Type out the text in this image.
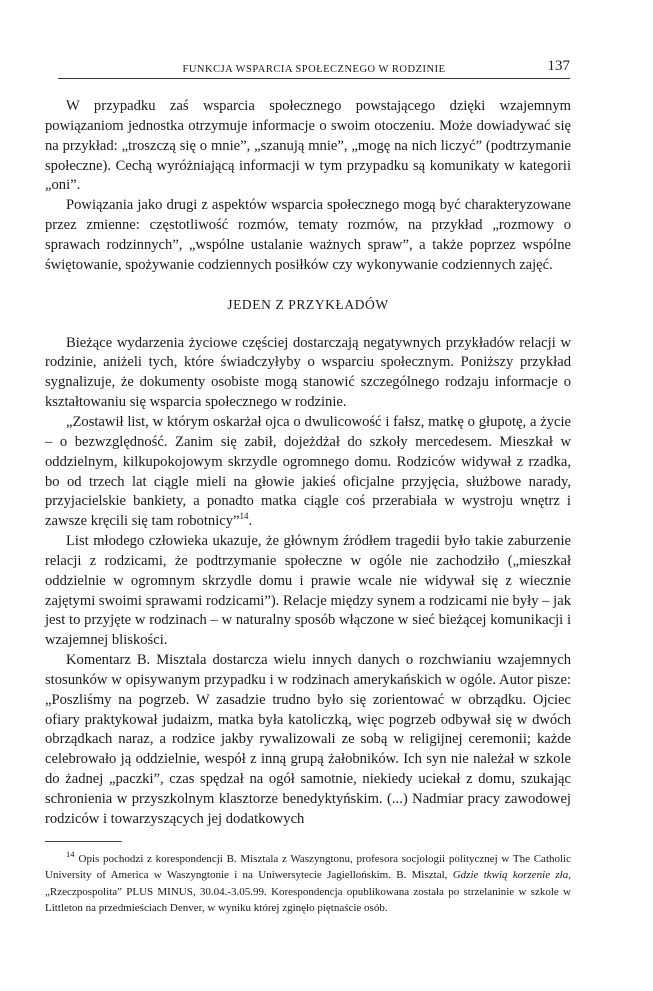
FUNKCJA WSPARCIA SPOŁECZNEGO W RODZINIE	137

W przypadku zaś wsparcia społecznego powstającego dzięki wzajemnym powiązaniom jednostka otrzymuje informacje o swoim otoczeniu. Może dowiadywać się na przykład: „troszczą się o mnie”, „szanują mnie”, „mogę na nich liczyć” (podtrzymanie społeczne). Cechą wyróżniającą informacji w tym przypadku są komunikaty w kategorii „oni”.

Powiązania jako drugi z aspektów wsparcia społecznego mogą być charakteryzowane przez zmienne: częstotliwość rozmów, tematy rozmów, na przykład „rozmowy o sprawach rodzinnych”, „wspólne ustalanie ważnych spraw”, a także poprzez wspólne świętowanie, spożywanie codziennych posiłków czy wykonywanie codziennych zajęć.

JEDEN Z PRZYKŁADÓW

Bieżące wydarzenia życiowe częściej dostarczają negatywnych przykładów relacji w rodzinie, aniżeli tych, które świadczyłyby o wsparciu społecznym. Poniższy przykład sygnalizuje, że dokumenty osobiste mogą stanowić szczególnego rodzaju informacje o kształtowaniu się wsparcia społecznego w rodzinie.

„Zostawił list, w którym oskarżał ojca o dwulicowość i fałsz, matkę o głupotę, a życie – o bezwzględność. Zanim się zabił, dojeżdżał do szkoły mercedesem. Mieszkał w oddzielnym, kilkupokojowym skrzydle ogromnego domu. Rodziców widywał z rzadka, bo od trzech lat ciągle mieli na głowie jakieś oficjalne przyjęcia, służbowe narady, przyjacielskie bankiety, a ponadto matka ciągle coś przerabiała w wystroju wnętrz i zawsze kręcili się tam robotnicy”$^{14}$.

List młodego człowieka ukazuje, że głównym źródłem tragedii było takie zaburzenie relacji z rodzicami, że podtrzymanie społeczne w ogóle nie zachodziło („mieszkał oddzielnie w ogromnym skrzydle domu i prawie wcale nie widywał się z wiecznie zajętymi swoimi sprawami rodzicami”). Relacje między synem a rodzicami nie były – jak jest to przyjęte w rodzinach – w naturalny sposób włączone w sieć bieżącej komunikacji i wzajemnej bliskości.

Komentarz B. Misztala dostarcza wielu innych danych o rozchwianiu wzajemnych stosunków w opisywanym przypadku i w rodzinach amerykańskich w ogóle. Autor pisze: „Poszliśmy na pogrzeb. W zasadzie trudno było się zorientować w obrządku. Ojciec ofiary praktykował judaizm, matka była katoliczką, więc pogrzeb odbywał się w dwóch obrządkach naraz, a rodzice jakby rywalizowali ze sobą w religijnej ceremonii; każde celebrowało ją oddzielnie, wespół z inną grupą żałobników. Ich syn nie należał w szkole do żadnej „paczki”, czas spędzał na ogół samotnie, niekiedy uciekał z domu, szukając schronienia w przyszkolnym klasztorze benedyktyńskim. (...) Nadmiar pracy zawodowej rodziców i towarzyszących jej dodatkowych

$^{14}$ Opis pochodzi z korespondencji B. Misztala z Waszyngtonu, profesora socjologii politycznej w The Catholic University of America w Waszyngtonie i na Uniwersytecie Jagiellońskim. B. Misztal, Gdzie tkwią korzenie zła, „Rzeczpospolita” PLUS MINUS, 30.04.-3.05.99. Korespondencja opublikowana została po strzelaninie w szkole w Littleton na przedmieściach Denver, w wyniku której zginęło piętnaście osób.
